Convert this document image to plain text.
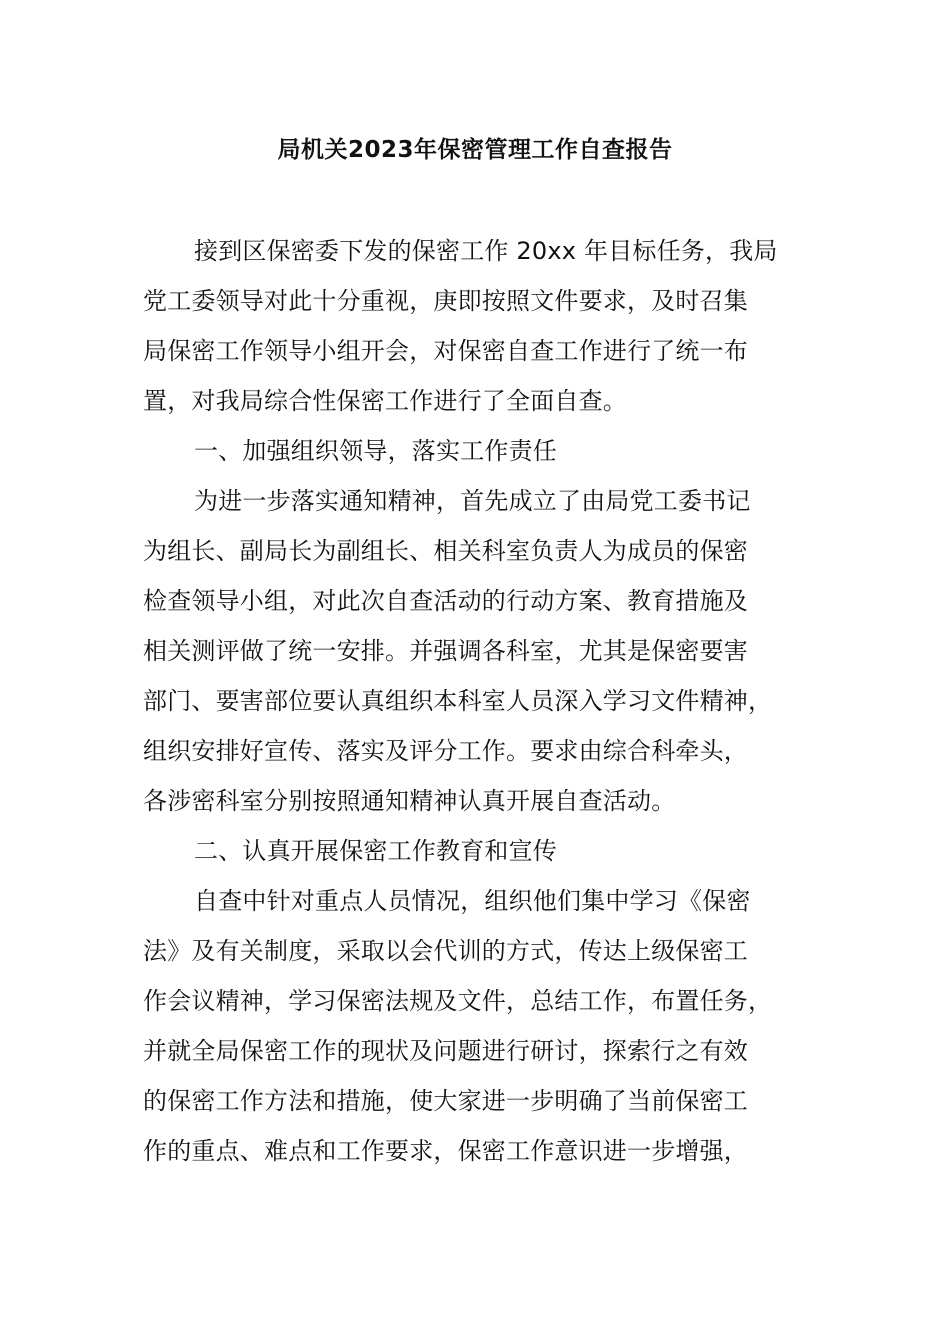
局机关2023年保密管理工作自查报告
接到区保密委下发的保密工作 20xx 年目标任务，我局
党工委领导对此十分重视，庚即按照文件要求，及时召集
局保密工作领导小组开会，对保密自查工作进行了统一布
置，对我局综合性保密工作进行了全面自查。
一、加强组织领导，落实工作责任
为进一步落实通知精神，首先成立了由局党工委书记
为组长、副局长为副组长、相关科室负责人为成员的保密
检查领导小组，对此次自查活动的行动方案、教育措施及
相关测评做了统一安排。并强调各科室，尤其是保密要害
部门、要害部位要认真组织本科室人员深入学习文件精神，
组织安排好宣传、落实及评分工作。要求由综合科牵头，
各涉密科室分别按照通知精神认真开展自查活动。
二、认真开展保密工作教育和宣传
自查中针对重点人员情况，组织他们集中学习《保密
法》及有关制度，采取以会代训的方式，传达上级保密工
作会议精神，学习保密法规及文件，总结工作，布置任务，
并就全局保密工作的现状及问题进行研讨，探索行之有效
的保密工作方法和措施，使大家进一步明确了当前保密工
作的重点、难点和工作要求，保密工作意识进一步增强，
